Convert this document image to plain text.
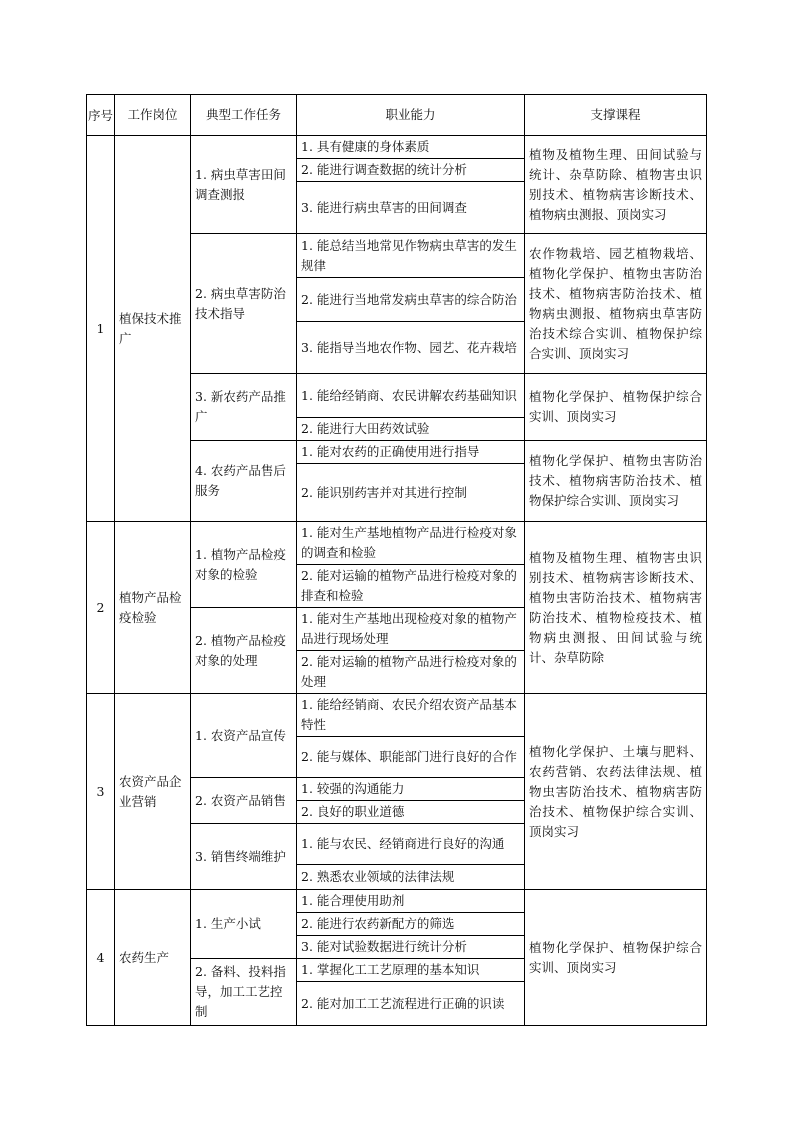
序号	工作岗位	典型工作任务	职业能力	支撑课程
1	植保技术推广	1. 病虫草害田间调查测报	1. 具有健康的身体素质	植物及植物生理、田间试验与统计、杂草防除、植物害虫识别技术、植物病害诊断技术、植物病虫测报、顶岗实习
			2. 能进行调查数据的统计分析	
			3. 能进行病虫草害的田间调查	
		2. 病虫草害防治技术指导	1. 能总结当地常见作物病虫草害的发生规律	农作物栽培、园艺植物栽培、植物化学保护、植物虫害防治技术、植物病害防治技术、植物病虫测报、植物病虫草害防治技术综合实训、植物保护综合实训、顶岗实习
			2. 能进行当地常发病虫草害的综合防治	
			3. 能指导当地农作物、园艺、花卉栽培	
		3. 新农药产品推广	1. 能给经销商、农民讲解农药基础知识	植物化学保护、植物保护综合实训、顶岗实习
			2. 能进行大田药效试验	
		4. 农药产品售后服务	1. 能对农药的正确使用进行指导	植物化学保护、植物虫害防治技术、植物病害防治技术、植物保护综合实训、顶岗实习
			2. 能识别药害并对其进行控制	
2	植物产品检疫检验	1. 植物产品检疫对象的检验	1. 能对生产基地植物产品进行检疫对象的调查和检验	植物及植物生理、植物害虫识别技术、植物病害诊断技术、植物虫害防治技术、植物病害防治技术、植物检疫技术、植物病虫测报、田间试验与统计、杂草防除
			2. 能对运输的植物产品进行检疫对象的排查和检验	
		2. 植物产品检疫对象的处理	1. 能对生产基地出现检疫对象的植物产品进行现场处理	
			2. 能对运输的植物产品进行检疫对象的处理	
3	农资产品企业营销	1. 农资产品宣传	1. 能给经销商、农民介绍农资产品基本特性	植物化学保护、土壤与肥料、农药营销、农药法律法规、植物虫害防治技术、植物病害防治技术、植物保护综合实训、顶岗实习
			2. 能与媒体、职能部门进行良好的合作	
		2. 农资产品销售	1. 较强的沟通能力	
			2. 良好的职业道德	
		3. 销售终端维护	1. 能与农民、经销商进行良好的沟通	
			2. 熟悉农业领域的法律法规	
4	农药生产	1. 生产小试	1. 能合理使用助剂	植物化学保护、植物保护综合实训、顶岗实习
			2. 能进行农药新配方的筛选	
			3. 能对试验数据进行统计分析	
		2. 备料、投料指导，加工工艺控制	1. 掌握化工工艺原理的基本知识	
			2. 能对加工工艺流程进行正确的识读	
